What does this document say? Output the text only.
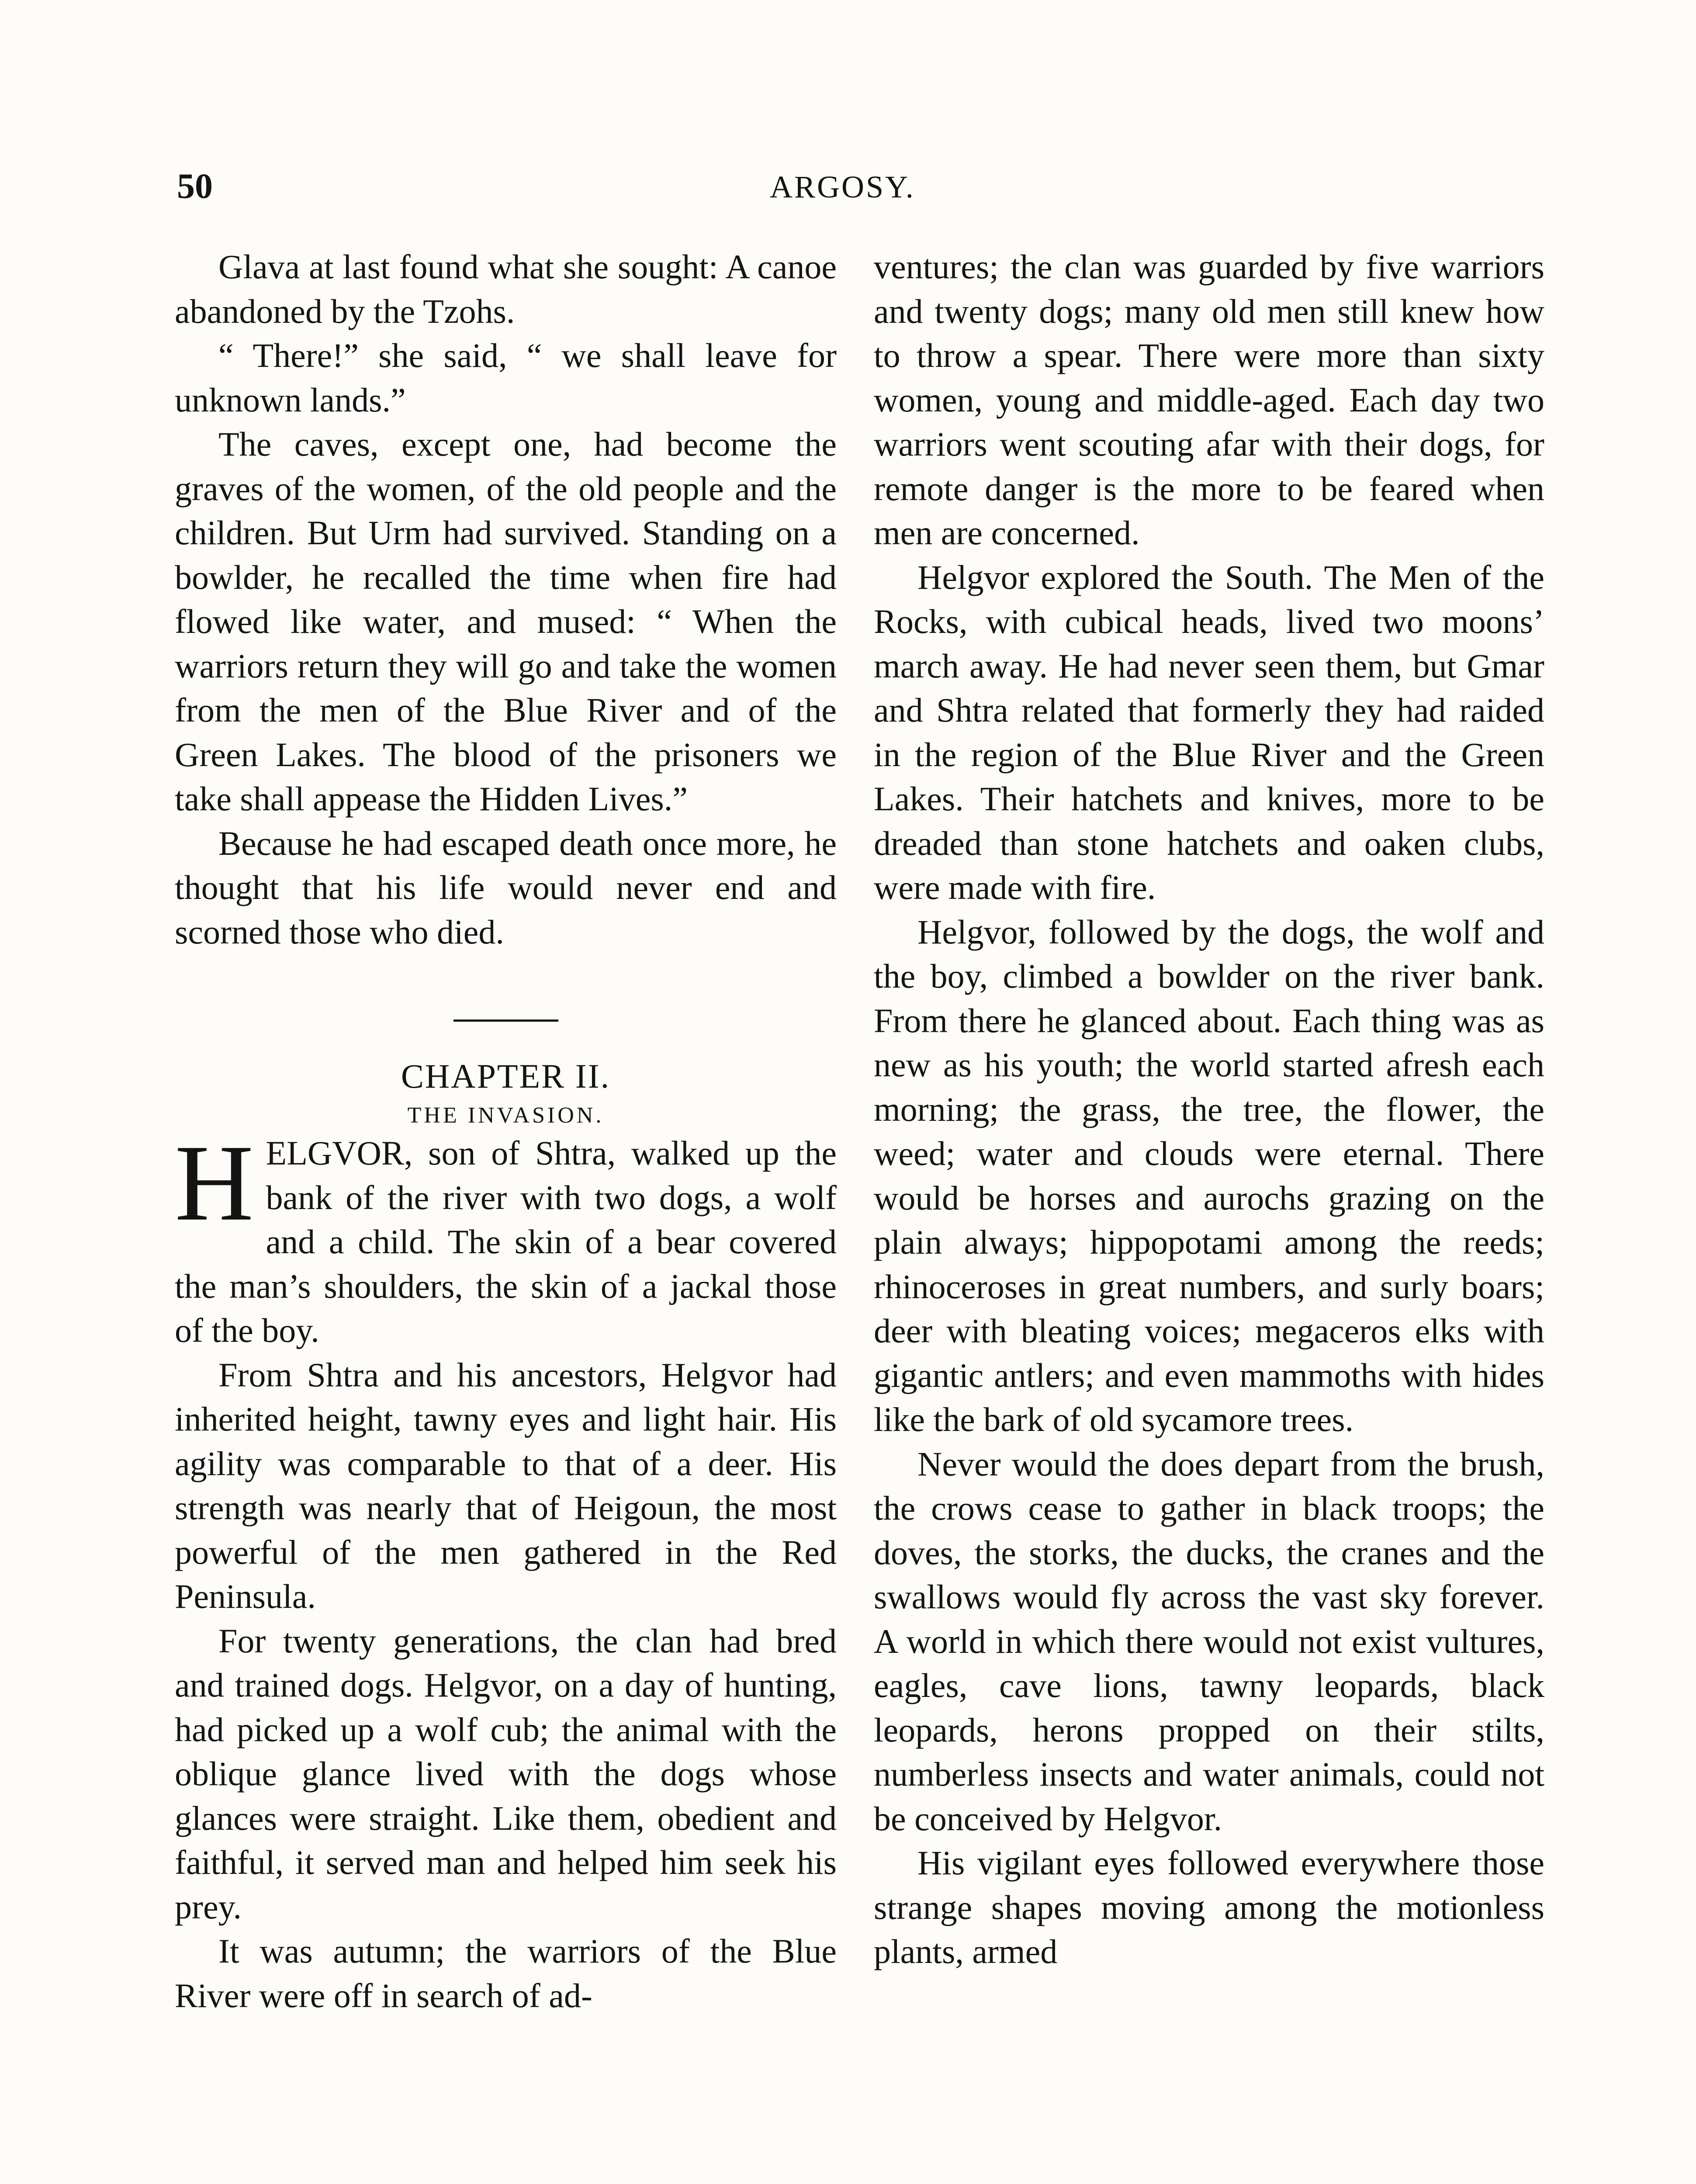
50	ARGOSY.

Glava at last found what she sought: A canoe abandoned by the Tzohs.

“ There!” she said, “ we shall leave for unknown lands.”

The caves, except one, had become the graves of the women, of the old people and the children. But Urm had survived. Standing on a bowlder, he recalled the time when fire had flowed like water, and mused: “ When the warriors return they will go and take the women from the men of the Blue River and of the Green Lakes. The blood of the prisoners we take shall appease the Hidden Lives.”

Because he had escaped death once more, he thought that his life would never end and scorned those who died.

CHAPTER II.

THE INVASION.

HELGVOR, son of Shtra, walked up the bank of the river with two dogs, a wolf and a child. The skin of a bear covered the man’s shoulders, the skin of a jackal those of the boy.

From Shtra and his ancestors, Helgvor had inherited height, tawny eyes and light hair. His agility was comparable to that of a deer. His strength was nearly that of Heigoun, the most powerful of the men gathered in the Red Peninsula.

For twenty generations, the clan had bred and trained dogs. Helgvor, on a day of hunting, had picked up a wolf cub; the animal with the oblique glance lived with the dogs whose glances were straight. Like them, obedient and faithful, it served man and helped him seek his prey.

It was autumn; the warriors of the Blue River were off in search of ad-

ventures; the clan was guarded by five warriors and twenty dogs; many old men still knew how to throw a spear. There were more than sixty women, young and middle-aged. Each day two warriors went scouting afar with their dogs, for remote danger is the more to be feared when men are concerned.

Helgvor explored the South. The Men of the Rocks, with cubical heads, lived two moons’ march away. He had never seen them, but Gmar and Shtra related that formerly they had raided in the region of the Blue River and the Green Lakes. Their hatchets and knives, more to be dreaded than stone hatchets and oaken clubs, were made with fire.

Helgvor, followed by the dogs, the wolf and the boy, climbed a bowlder on the river bank. From there he glanced about. Each thing was as new as his youth; the world started afresh each morning; the grass, the tree, the flower, the weed; water and clouds were eternal. There would be horses and aurochs grazing on the plain always; hippopotami among the reeds; rhinoceroses in great numbers, and surly boars; deer with bleating voices; megaceros elks with gigantic antlers; and even mammoths with hides like the bark of old sycamore trees.

Never would the does depart from the brush, the crows cease to gather in black troops; the doves, the storks, the ducks, the cranes and the swallows would fly across the vast sky forever. A world in which there would not exist vultures, eagles, cave lions, tawny leopards, black leopards, herons propped on their stilts, numberless insects and water animals, could not be conceived by Helgvor.

His vigilant eyes followed everywhere those strange shapes moving among the motionless plants, armed
